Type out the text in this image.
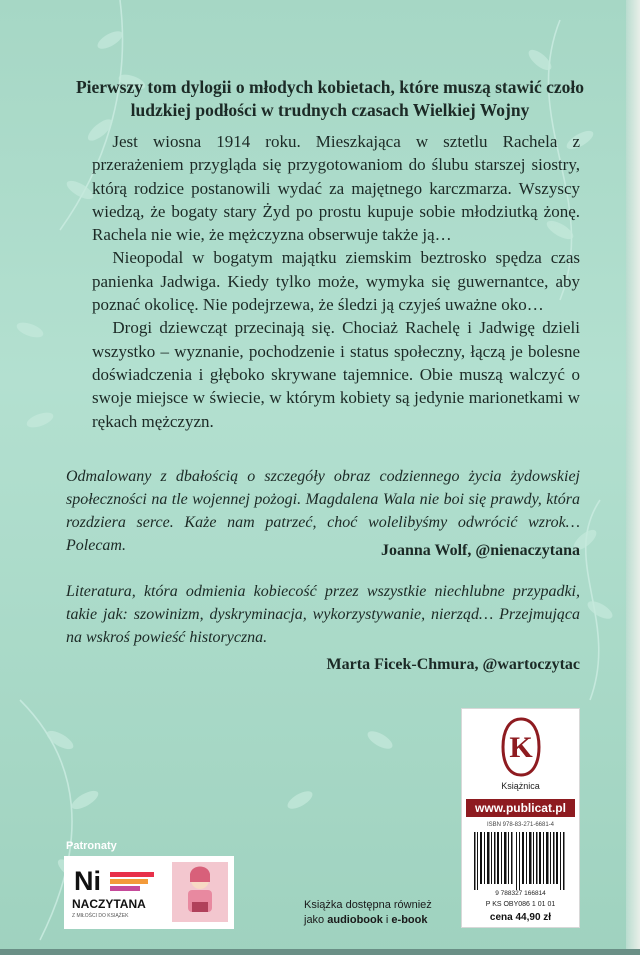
Pierwszy tom dylogii o młodych kobietach, które muszą stawić czoło ludzkiej podłości w trudnych czasach Wielkiej Wojny

Jest wiosna 1914 roku. Mieszkająca w sztetlu Rachela z przerażeniem przygląda się przygotowaniom do ślubu starszej siostry, którą rodzice postanowili wydać za majętnego karczmarza. Wszyscy wiedzą, że bogaty stary Żyd po prostu kupuje sobie młodziutką żonę. Rachela nie wie, że mężczyzna obserwuje także ją…

Nieopodal w bogatym majątku ziemskim beztrosko spędza czas panienka Jadwiga. Kiedy tylko może, wymyka się guwernantce, aby poznać okolicę. Nie podejrzewa, że śledzi ją czyjeś uważne oko…

Drogi dziewcząt przecinają się. Chociaż Rachelę i Jadwigę dzieli wszystko – wyznanie, pochodzenie i status społeczny, łączą je bolesne doświadczenia i głęboko skrywane tajemnice. Obie muszą walczyć o swoje miejsce w świecie, w którym kobiety są jedynie marionetkami w rękach mężczyzn.

Odmalowany z dbałością o szczegóły obraz codziennego życia żydowskiej społeczności na tle wojennej pożogi. Magdalena Wala nie boi się prawdy, która rozdziera serce. Każe nam patrzeć, choć wolelibyśmy odwrócić wzrok… Polecam.	Joanna Wolf, @nienaczytana
Literatura, która odmienia kobiecość przez wszystkie niechlubne przypadki, takie jak: szowinizm, dyskryminacja, wykorzystywanie, nierząd… Przejmująca na wskroś powieść historyczna.
Marta Ficek-Chmura, @wartoczytac
K
Książnica
www.publicat.pl
ISBN 978-83-271-6681-4
9 788327 166814
P KS OBY086 1 01 01
cena 44,90 zł
Patronaty
Ni
NACZYTANA
Z MIŁOŚCI DO KSIĄŻEK
Książka dostępna również
jako audiobook i e-book
